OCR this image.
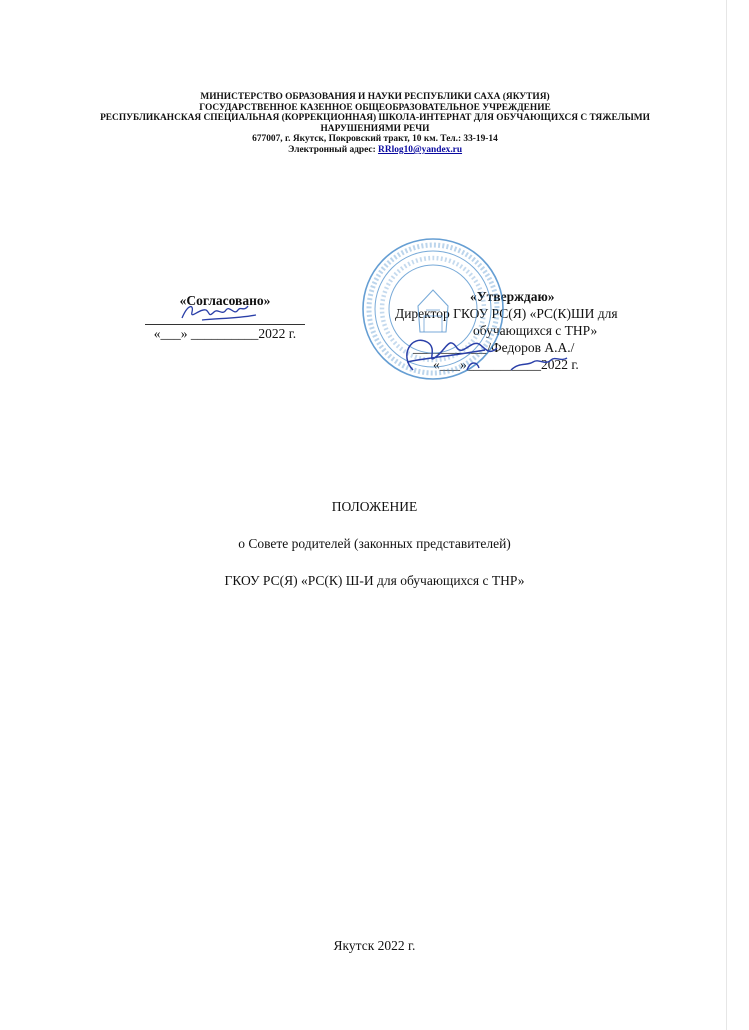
МИНИСТЕРСТВО ОБРАЗОВАНИЯ И НАУКИ РЕСПУБЛИКИ САХА (ЯКУТИЯ)
ГОСУДАРСТВЕННОЕ КАЗЕННОЕ ОБЩЕОБРАЗОВАТЕЛЬНОЕ УЧРЕЖДЕНИЕ
РЕСПУБЛИКАНСКАЯ СПЕЦИАЛЬНАЯ (КОРРЕКЦИОННАЯ) ШКОЛА-ИНТЕРНАТ ДЛЯ ОБУЧАЮЩИХСЯ С ТЯЖЕЛЫМИ
НАРУШЕНИЯМИ РЕЧИ
677007, г. Якутск, Покровский тракт, 10 км. Тел.: 33-19-14
Электронный адрес: RRlog10@yandex.ru
«Согласовано»
«___» __________2022 г.
«Утверждаю»
Директор ГКОУ РС(Я) «РС(К)ШИ для
обучающихся с ТНР»
___________/Федоров А.А./
«___»___________2022 г.

ПОЛОЖЕНИЕ

о Совете родителей (законных представителей)

ГКОУ РС(Я) «РС(К) Ш-И для обучающихся с ТНР»

Якутск 2022 г.
